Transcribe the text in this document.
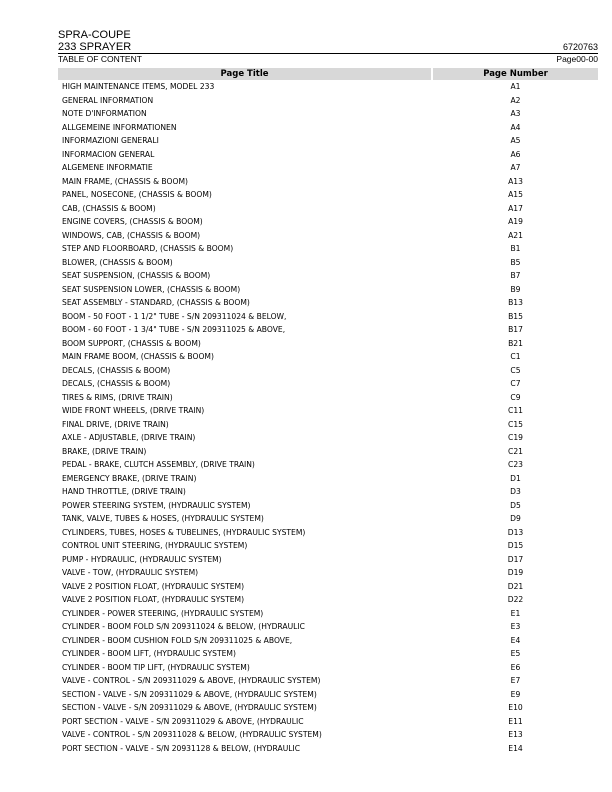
SPRA-COUPE
233 SPRAYER	6720763
TABLE OF CONTENT	Page00-00
Page Title	Page Number
HIGH MAINTENANCE ITEMS, MODEL 233	A1
GENERAL INFORMATION	A2
NOTE D'INFORMATION	A3
ALLGEMEINE INFORMATIONEN	A4
INFORMAZIONI GENERALI	A5
INFORMACION GENERAL	A6
ALGEMENE INFORMATIE	A7
MAIN FRAME, (CHASSIS & BOOM)	A13
PANEL, NOSECONE, (CHASSIS & BOOM)	A15
CAB, (CHASSIS & BOOM)	A17
ENGINE COVERS, (CHASSIS & BOOM)	A19
WINDOWS, CAB, (CHASSIS & BOOM)	A21
STEP AND FLOORBOARD, (CHASSIS & BOOM)	B1
BLOWER, (CHASSIS & BOOM)	B5
SEAT SUSPENSION, (CHASSIS & BOOM)	B7
SEAT SUSPENSION LOWER, (CHASSIS & BOOM)	B9
SEAT ASSEMBLY - STANDARD, (CHASSIS & BOOM)	B13
BOOM - 50 FOOT - 1 1/2" TUBE - S/N 209311024 & BELOW,	B15
BOOM - 60 FOOT - 1 3/4" TUBE - S/N 209311025 & ABOVE,	B17
BOOM SUPPORT, (CHASSIS & BOOM)	B21
MAIN FRAME BOOM, (CHASSIS & BOOM)	C1
DECALS, (CHASSIS & BOOM)	C5
DECALS, (CHASSIS & BOOM)	C7
TIRES & RIMS, (DRIVE TRAIN)	C9
WIDE FRONT WHEELS, (DRIVE TRAIN)	C11
FINAL DRIVE, (DRIVE TRAIN)	C15
AXLE - ADJUSTABLE, (DRIVE TRAIN)	C19
BRAKE, (DRIVE TRAIN)	C21
PEDAL - BRAKE, CLUTCH ASSEMBLY, (DRIVE TRAIN)	C23
EMERGENCY BRAKE, (DRIVE TRAIN)	D1
HAND THROTTLE, (DRIVE TRAIN)	D3
POWER STEERING SYSTEM, (HYDRAULIC SYSTEM)	D5
TANK, VALVE, TUBES & HOSES, (HYDRAULIC SYSTEM)	D9
CYLINDERS, TUBES, HOSES & TUBELINES, (HYDRAULIC SYSTEM)	D13
CONTROL UNIT STEERING, (HYDRAULIC SYSTEM)	D15
PUMP - HYDRAULIC, (HYDRAULIC SYSTEM)	D17
VALVE - TOW, (HYDRAULIC SYSTEM)	D19
VALVE 2 POSITION FLOAT, (HYDRAULIC SYSTEM)	D21
VALVE 2 POSITION FLOAT, (HYDRAULIC SYSTEM)	D22
CYLINDER - POWER STEERING, (HYDRAULIC SYSTEM)	E1
CYLINDER - BOOM FOLD S/N 209311024 & BELOW, (HYDRAULIC	E3
CYLINDER - BOOM CUSHION FOLD S/N 209311025 & ABOVE,	E4
CYLINDER - BOOM LIFT, (HYDRAULIC SYSTEM)	E5
CYLINDER - BOOM TIP LIFT, (HYDRAULIC SYSTEM)	E6
VALVE - CONTROL - S/N 209311029 & ABOVE, (HYDRAULIC SYSTEM)	E7
SECTION - VALVE - S/N 209311029 & ABOVE, (HYDRAULIC SYSTEM)	E9
SECTION - VALVE - S/N 209311029 & ABOVE, (HYDRAULIC SYSTEM)	E10
PORT SECTION - VALVE - S/N 209311029 & ABOVE, (HYDRAULIC	E11
VALVE - CONTROL - S/N 209311028 & BELOW, (HYDRAULIC SYSTEM)	E13
PORT SECTION - VALVE - S/N 20931128 & BELOW, (HYDRAULIC	E14
